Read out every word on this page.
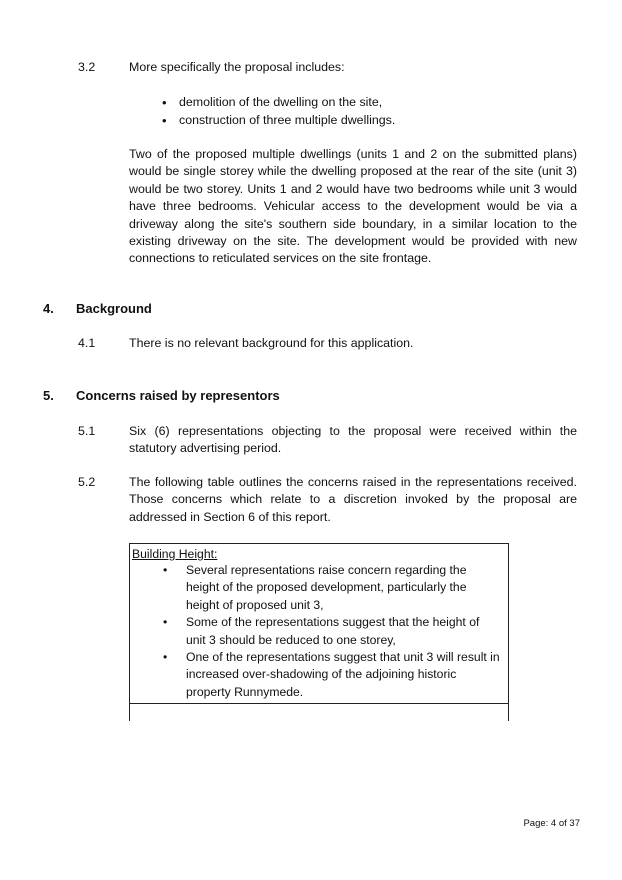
3.2	More specifically the proposal includes:
• demolition of the dwelling on the site,
• construction of three multiple dwellings.

Two of the proposed multiple dwellings (units 1 and 2 on the submitted plans) would be single storey while the dwelling proposed at the rear of the site (unit 3) would be two storey. Units 1 and 2 would have two bedrooms while unit 3 would have three bedrooms. Vehicular access to the development would be via a driveway along the site's southern side boundary, in a similar location to the existing driveway on the site. The development would be provided with new connections to reticulated services on the site frontage.

4. Background
4.1	There is no relevant background for this application.
5. Concerns raised by representors
5.1	Six (6) representations objecting to the proposal were received within the statutory advertising period.

5.2	The following table outlines the concerns raised in the representations received. Those concerns which relate to a discretion invoked by the proposal are addressed in Section 6 of this report.

Building Height:
• Several representations raise concern regarding the height of the proposed development, particularly the height of proposed unit 3,
• Some of the representations suggest that the height of unit 3 should be reduced to one storey,
• One of the representations suggest that unit 3 will result in increased over-shadowing of the adjoining historic property Runnymede.

Page: 4 of 37
